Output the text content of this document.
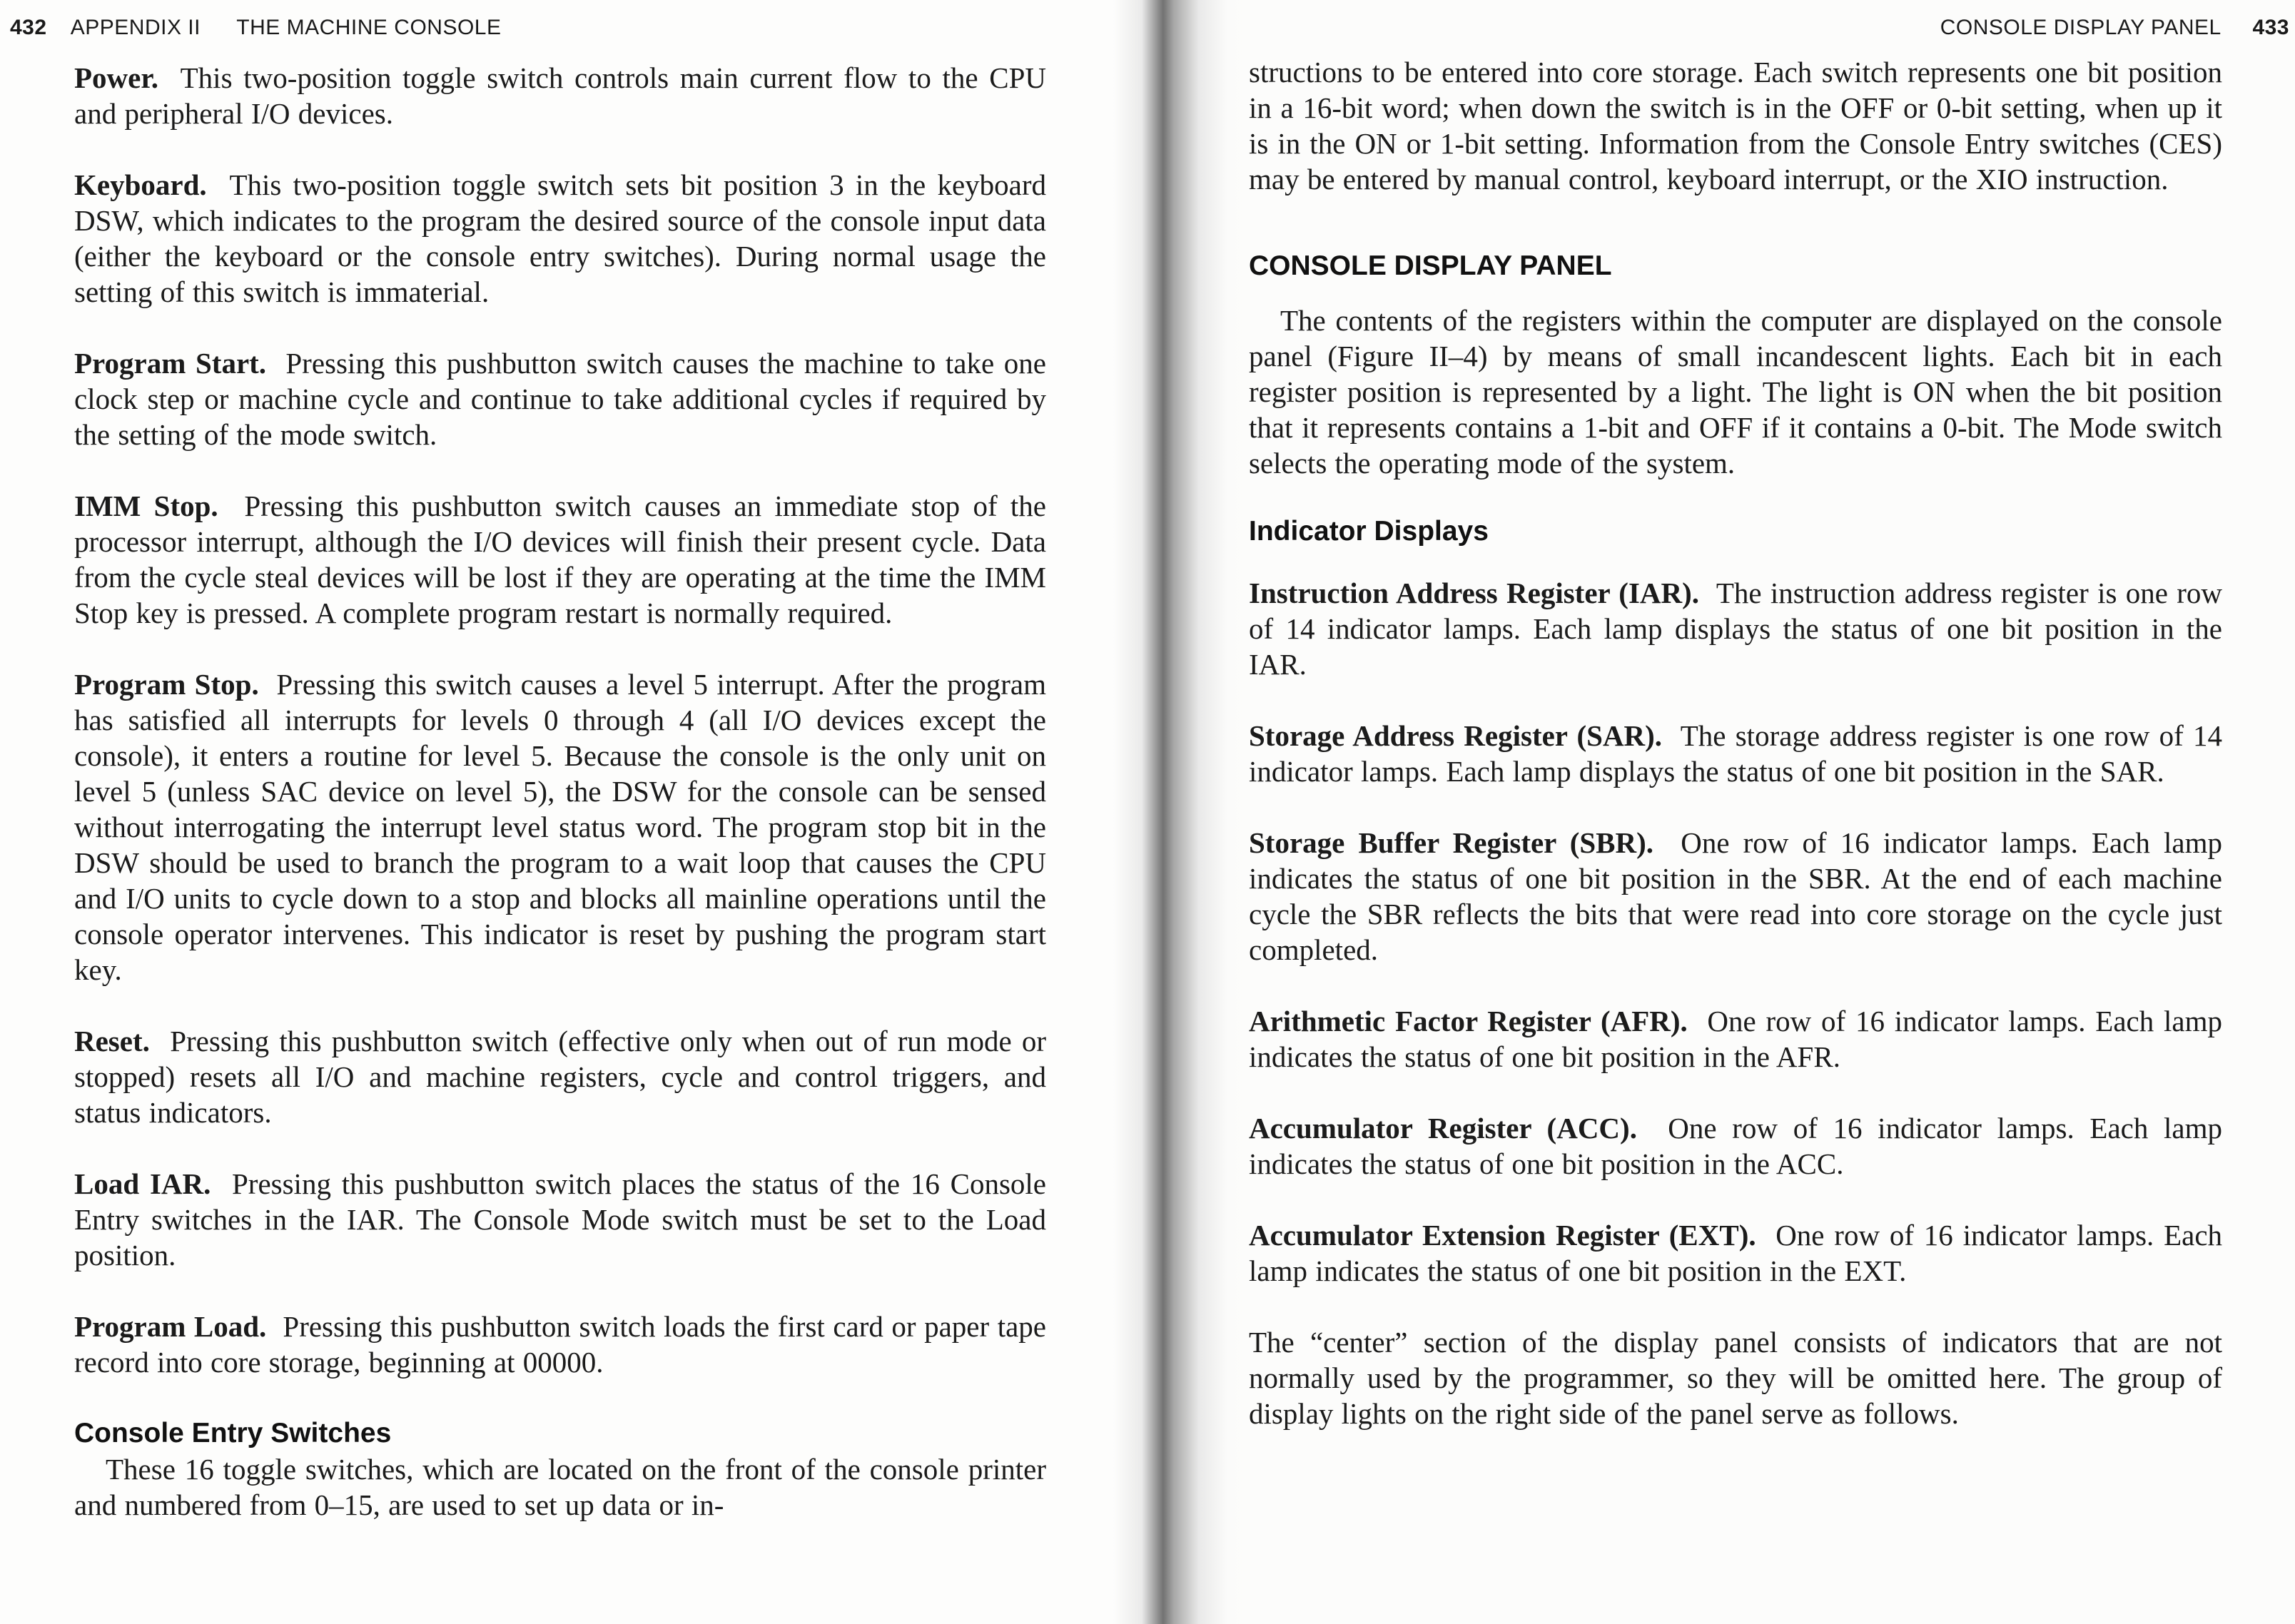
432 APPENDIX II THE MACHINE CONSOLE

Power. This two-position toggle switch controls main current flow to the CPU and peripheral I/O devices.

Keyboard. This two-position toggle switch sets bit position 3 in the keyboard DSW, which indicates to the program the desired source of the console input data (either the keyboard or the console entry switches). During normal usage the setting of this switch is immaterial.

Program Start. Pressing this pushbutton switch causes the machine to take one clock step or machine cycle and continue to take additional cycles if required by the setting of the mode switch.

IMM Stop. Pressing this pushbutton switch causes an immediate stop of the processor interrupt, although the I/O devices will finish their present cycle. Data from the cycle steal devices will be lost if they are operating at the time the IMM Stop key is pressed. A complete program restart is normally required.

Program Stop. Pressing this switch causes a level 5 interrupt. After the program has satisfied all interrupts for levels 0 through 4 (all I/O devices except the console), it enters a routine for level 5. Because the console is the only unit on level 5 (unless SAC device on level 5), the DSW for the console can be sensed without interrogating the interrupt level status word. The program stop bit in the DSW should be used to branch the program to a wait loop that causes the CPU and I/O units to cycle down to a stop and blocks all mainline operations until the console operator intervenes. This indicator is reset by pushing the program start key.

Reset. Pressing this pushbutton switch (effective only when out of run mode or stopped) resets all I/O and machine registers, cycle and control triggers, and status indicators.

Load IAR. Pressing this pushbutton switch places the status of the 16 Console Entry switches in the IAR. The Console Mode switch must be set to the Load position.

Program Load. Pressing this pushbutton switch loads the first card or paper tape record into core storage, beginning at 00000.

Console Entry Switches

These 16 toggle switches, which are located on the front of the console printer and numbered from 0–15, are used to set up data or in-

CONSOLE DISPLAY PANEL 433

structions to be entered into core storage. Each switch represents one bit position in a 16-bit word; when down the switch is in the OFF or 0-bit setting, when up it is in the ON or 1-bit setting. Information from the Console Entry switches (CES) may be entered by manual control, keyboard interrupt, or the XIO instruction.

CONSOLE DISPLAY PANEL

The contents of the registers within the computer are displayed on the console panel (Figure II–4) by means of small incandescent lights. Each bit in each register position is represented by a light. The light is ON when the bit position that it represents contains a 1-bit and OFF if it contains a 0-bit. The Mode switch selects the operating mode of the system.

Indicator Displays

Instruction Address Register (IAR). The instruction address register is one row of 14 indicator lamps. Each lamp displays the status of one bit position in the IAR.

Storage Address Register (SAR). The storage address register is one row of 14 indicator lamps. Each lamp displays the status of one bit position in the SAR.

Storage Buffer Register (SBR). One row of 16 indicator lamps. Each lamp indicates the status of one bit position in the SBR. At the end of each machine cycle the SBR reflects the bits that were read into core storage on the cycle just completed.

Arithmetic Factor Register (AFR). One row of 16 indicator lamps. Each lamp indicates the status of one bit position in the AFR.

Accumulator Register (ACC). One row of 16 indicator lamps. Each lamp indicates the status of one bit position in the ACC.

Accumulator Extension Register (EXT). One row of 16 indicator lamps. Each lamp indicates the status of one bit position in the EXT.

The “center” section of the display panel consists of indicators that are not normally used by the programmer, so they will be omitted here. The group of display lights on the right side of the panel serve as follows.
